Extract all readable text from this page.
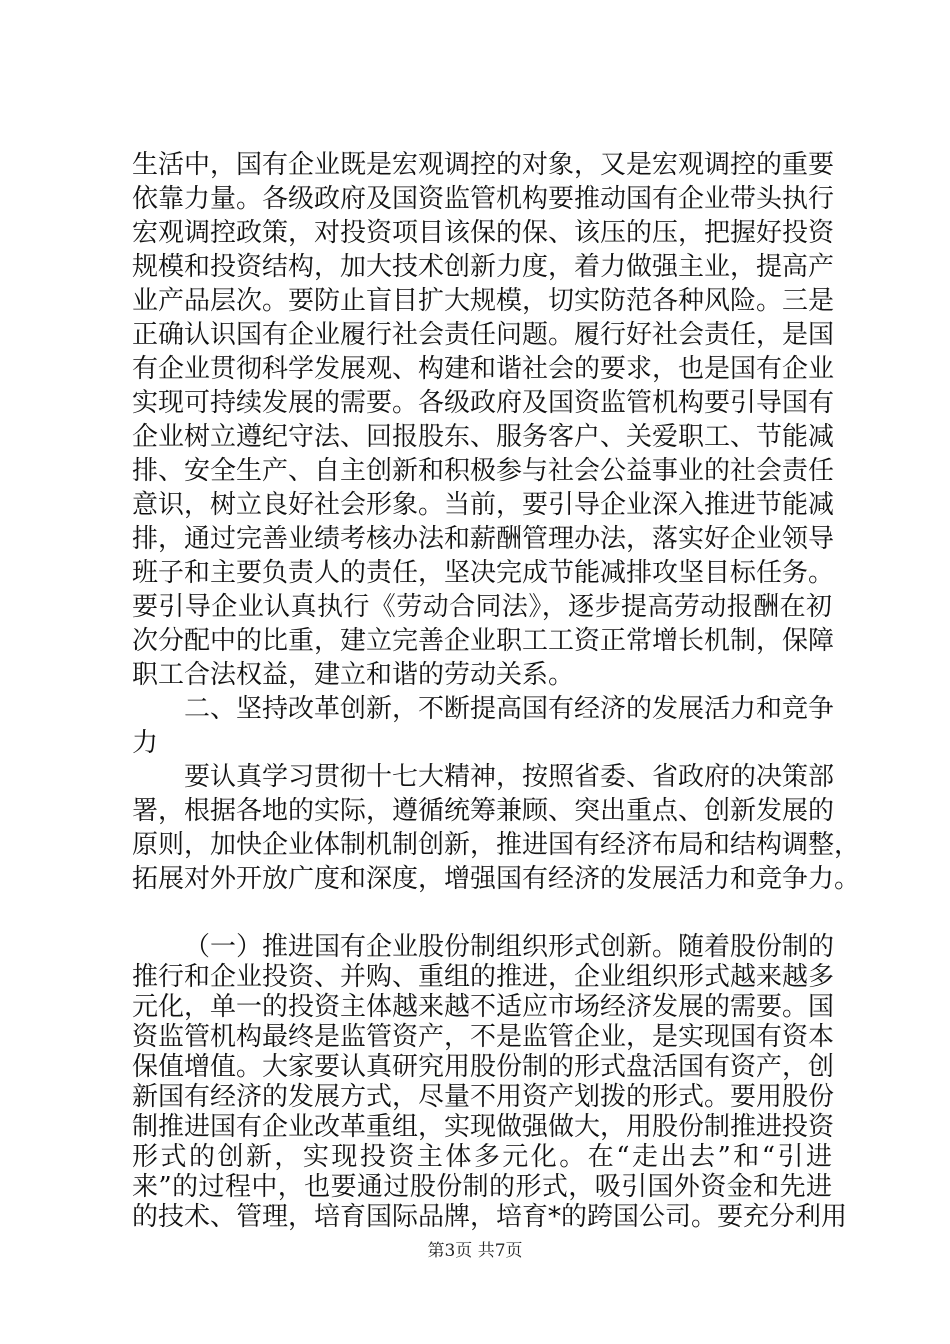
生活中，国有企业既是宏观调控的对象，又是宏观调控的重要
依靠力量。各级政府及国资监管机构要推动国有企业带头执行
宏观调控政策，对投资项目该保的保、该压的压，把握好投资
规模和投资结构，加大技术创新力度，着力做强主业，提高产
业产品层次。要防止盲目扩大规模，切实防范各种风险。三是
正确认识国有企业履行社会责任问题。履行好社会责任，是国
有企业贯彻科学发展观、构建和谐社会的要求，也是国有企业
实现可持续发展的需要。各级政府及国资监管机构要引导国有
企业树立遵纪守法、回报股东、服务客户、关爱职工、节能减
排、安全生产、自主创新和积极参与社会公益事业的社会责任
意识，树立良好社会形象。当前，要引导企业深入推进节能减
排，通过完善业绩考核办法和薪酬管理办法，落实好企业领导
班子和主要负责人的责任，坚决完成节能减排攻坚目标任务。
要引导企业认真执行《劳动合同法》，逐步提高劳动报酬在初
次分配中的比重，建立完善企业职工工资正常增长机制，保障
职工合法权益，建立和谐的劳动关系。
二、坚持改革创新，不断提高国有经济的发展活力和竞争
力
要认真学习贯彻十七大精神，按照省委、省政府的决策部
署，根据各地的实际，遵循统筹兼顾、突出重点、创新发展的
原则，加快企业体制机制创新，推进国有经济布局和结构调整，
拓展对外开放广度和深度，增强国有经济的发展活力和竞争力。
（一）推进国有企业股份制组织形式创新。随着股份制的
推行和企业投资、并购、重组的推进，企业组织形式越来越多
元化，单一的投资主体越来越不适应市场经济发展的需要。国
资监管机构最终是监管资产，不是监管企业，是实现国有资本
保值增值。大家要认真研究用股份制的形式盘活国有资产，创
新国有经济的发展方式，尽量不用资产划拨的形式。要用股份
制推进国有企业改革重组，实现做强做大，用股份制推进投资
形式的创新，实现投资主体多元化。在“走出去”和“引进
来”的过程中，也要通过股份制的形式，吸引国外资金和先进
第3页 共7页
的技术、管理，培育国际品牌，培育*的跨国公司。要充分利用
